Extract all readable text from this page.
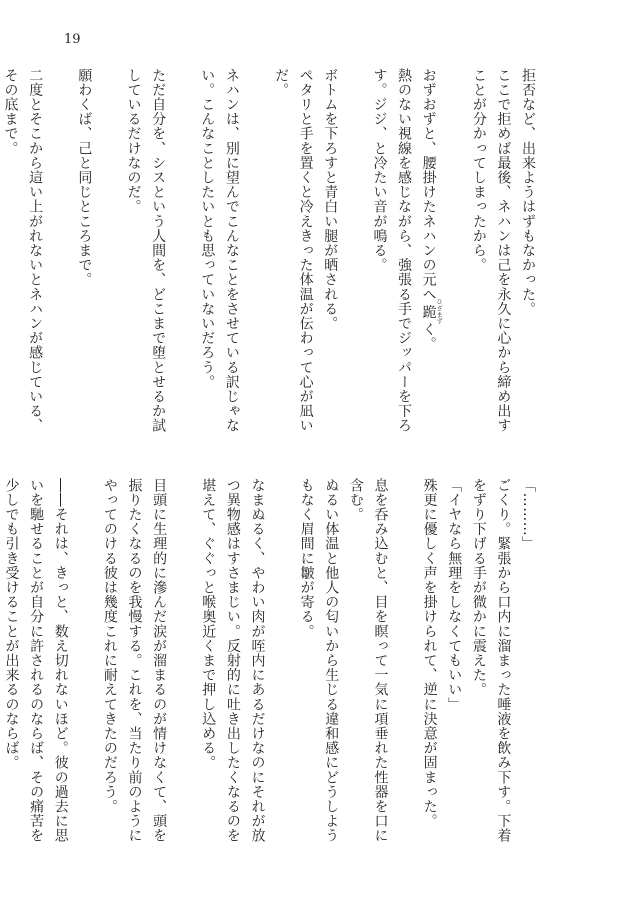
19

拒否など、出来ようはずもなかった。

ここで拒めば最後、ネハンは己を永久に心から締め出すことが分かってしまったから。

おずおずと、腰掛けたネハンの元へ跪ひざまずく。

熱のない視線を感じながら、強張る手でジッパーを下ろす。ジジ、と冷たい音が鳴る。

ボトムを下ろすと青白い腿が晒される。

ペタリと手を置くと冷えきった体温が伝わって心が凪いだ。

ネハンは、別に望んでこんなことをさせている訳じゃない。こんなことしたいとも思っていないだろう。

ただ自分を、シスという人間を、どこまで堕とせるか試しているだけなのだ。

願わくば、己と同じところまで。

二度とそこから這い上がれないとネハンが感じている、その底まで。

「………」

ごくり。緊張から口内に溜まった唾液を飲み下す。下着をずり下げる手が微かに震えた。

「イヤなら無理をしなくてもいい」

殊更に優しく声を掛けられて、逆に決意が固まった。

息を呑み込むと、目を瞑って一気に項垂れた性器を口に含む。

ぬるい体温と他人の匂いから生じる違和感にどうしようもなく眉間に皺が寄る。

なまぬるく、やわい肉が咥内にあるだけなのにそれが放つ異物感はすさまじい。反射的に吐き出したくなるのを堪えて、ぐぐっと喉奥近くまで押し込める。

目頭に生理的に滲んだ涙が溜まるのが情けなくて、頭を振りたくなるのを我慢する。これを、当たり前のようにやってのける彼は幾度これに耐えてきたのだろう。

――それは、きっと、数え切れないほど。彼の過去に思いを馳せることが自分に許されるのならば、その痛苦を少しでも引き受けることが出来るのならば。
